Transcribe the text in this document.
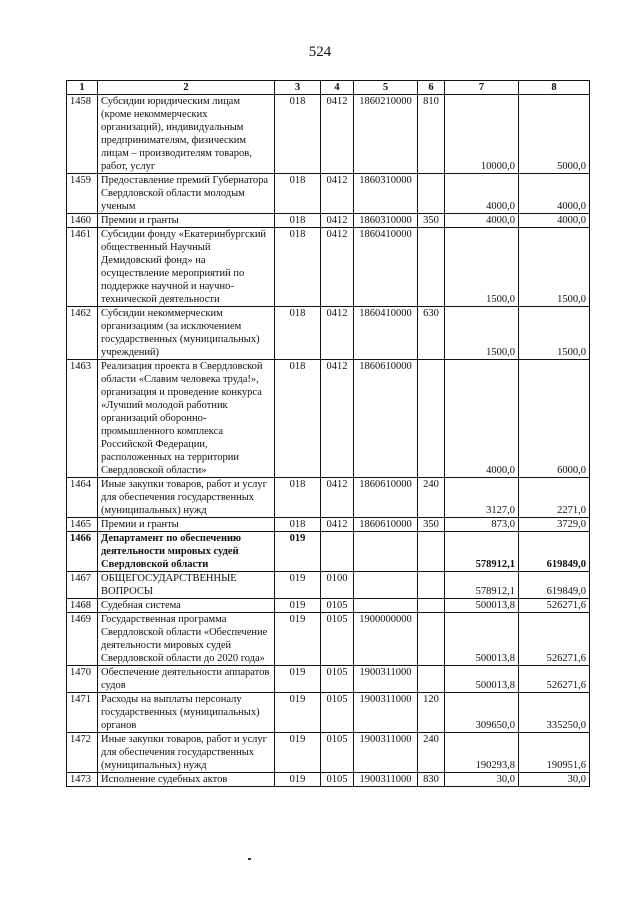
524
1	2	3	4	5	6	7	8
1458	Субсидии юридическим лицам (кроме некоммерческих организаций), индивидуальным предпринимателям, физическим лицам – производителям товаров, работ, услуг	018	0412	1860210000	810	10000,0	5000,0
1459	Предоставление премий Губернатора Свердловской области молодым ученым	018	0412	1860310000		4000,0	4000,0
1460	Премии и гранты	018	0412	1860310000	350	4000,0	4000,0
1461	Субсидии фонду «Екатеринбургский общественный Научный Демидовский фонд» на осуществление мероприятий по поддержке научной и научно-технической деятельности	018	0412	1860410000		1500,0	1500,0
1462	Субсидии некоммерческим организациям (за исключением государственных (муниципальных) учреждений)	018	0412	1860410000	630	1500,0	1500,0
1463	Реализация проекта в Свердловской области «Славим человека труда!», организация и проведение конкурса «Лучший молодой работник организаций оборонно-промышленного комплекса Российской Федерации, расположенных на территории Свердловской области»	018	0412	1860610000		4000,0	6000,0
1464	Иные закупки товаров, работ и услуг для обеспечения государственных (муниципальных) нужд	018	0412	1860610000	240	3127,0	2271,0
1465	Премии и гранты	018	0412	1860610000	350	873,0	3729,0
1466	Департамент по обеспечению деятельности мировых судей Свердловской области	019				578912,1	619849,0
1467	ОБЩЕГОСУДАРСТВЕННЫЕ ВОПРОСЫ	019	0100			578912,1	619849,0
1468	Судебная система	019	0105			500013,8	526271,6
1469	Государственная программа Свердловской области «Обеспечение деятельности мировых судей Свердловской области до 2020 года»	019	0105	1900000000		500013,8	526271,6
1470	Обеспечение деятельности аппаратов судов	019	0105	1900311000		500013,8	526271,6
1471	Расходы на выплаты персоналу государственных (муниципальных) органов	019	0105	1900311000	120	309650,0	335250,0
1472	Иные закупки товаров, работ и услуг для обеспечения государственных (муниципальных) нужд	019	0105	1900311000	240	190293,8	190951,6
1473	Исполнение судебных актов	019	0105	1900311000	830	30,0	30,0
